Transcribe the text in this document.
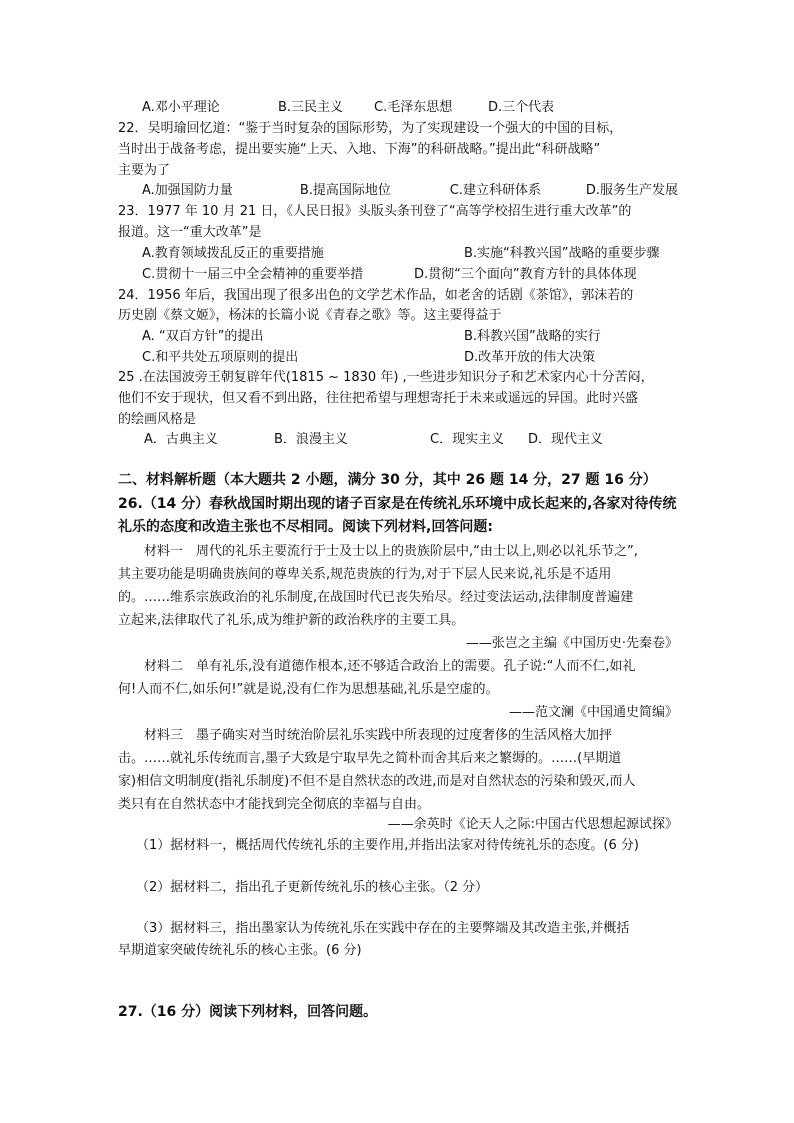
A.邓小平理论	B.三民主义	C.毛泽东思想	D.三个代表
22．吴明瑜回忆道：“鉴于当时复杂的国际形势，为了实现建设一个强大的中国的目标，
当时出于战备考虑，提出要实施“上天、入地、下海”的科研战略。”提出此“科研战略”
主要为了
A.加强国防力量	B.提高国际地位	C.建立科研体系	D.服务生产发展
23．1977 年 10 月 21 日，《人民日报》头版头条刊登了“高等学校招生进行重大改革”的
报道。这一“重大改革”是
A.教育领域拨乱反正的重要措施	B.实施“科教兴国”战略的重要步骤
C.贯彻十一届三中全会精神的重要举措	D.贯彻“三个面向”教育方针的具体体现
24．1956 年后，我国出现了很多出色的文学艺术作品，如老舍的话剧《茶馆》，郭沫若的
历史剧《蔡文姬》，杨沫的长篇小说《青春之歌》等。这主要得益于
A. “双百方针”的提出	B.科教兴国”战略的实行
C.和平共处五项原则的提出	D.改革开放的伟大决策
25 .在法国波旁王朝复辟年代(1815 ~ 1830 年) ,一些进步知识分子和艺术家内心十分苦闷，
他们不安于现状，但又看不到出路，往往把希望与理想寄托于未来或遥远的异国。此时兴盛
的绘画风格是
A．古典主义	B．浪漫主义	C．现实主义	D．现代主义
二、材料解析题（本大题共 2 小题，满分 30 分，其中 26 题 14 分，27 题 16 分）
26.（14 分）春秋战国时期出现的诸子百家是在传统礼乐环境中成长起来的,各家对待传统
礼乐的态度和改造主张也不尽相同。阅读下列材料,回答问题:
材料一　周代的礼乐主要流行于士及士以上的贵族阶层中,“由士以上,则必以礼乐节之”,
其主要功能是明确贵族间的尊卑关系,规范贵族的行为,对于下层人民来说,礼乐是不适用
的。……维系宗族政治的礼乐制度,在战国时代已丧失殆尽。经过变法运动,法律制度普遍建
立起来,法律取代了礼乐,成为维护新的政治秩序的主要工具。
——张岂之主编《中国历史·先秦卷》
材料二　单有礼乐,没有道德作根本,还不够适合政治上的需要。孔子说:“人而不仁,如礼
何!人而不仁,如乐何!”就是说,没有仁作为思想基础,礼乐是空虚的。
——范文澜《中国通史简编》
材料三　墨子确实对当时统治阶层礼乐实践中所表现的过度奢侈的生活风格大加抨
击。……就礼乐传统而言,墨子大致是宁取早先之简朴而舍其后来之繁缛的。……(早期道
家)相信文明制度(指礼乐制度)不但不是自然状态的改进,而是对自然状态的污染和毁灭,而人
类只有在自然状态中才能找到完全彻底的幸福与自由。
——余英时《论天人之际:中国古代思想起源试探》
（1）据材料一，概括周代传统礼乐的主要作用,并指出法家对待传统礼乐的态度。(6 分)
（2）据材料二，指出孔子更新传统礼乐的核心主张。（2 分）
（3）据材料三，指出墨家认为传统礼乐在实践中存在的主要弊端及其改造主张,并概括
早期道家突破传统礼乐的核心主张。(6 分)
27.（16 分）阅读下列材料，回答问题。
